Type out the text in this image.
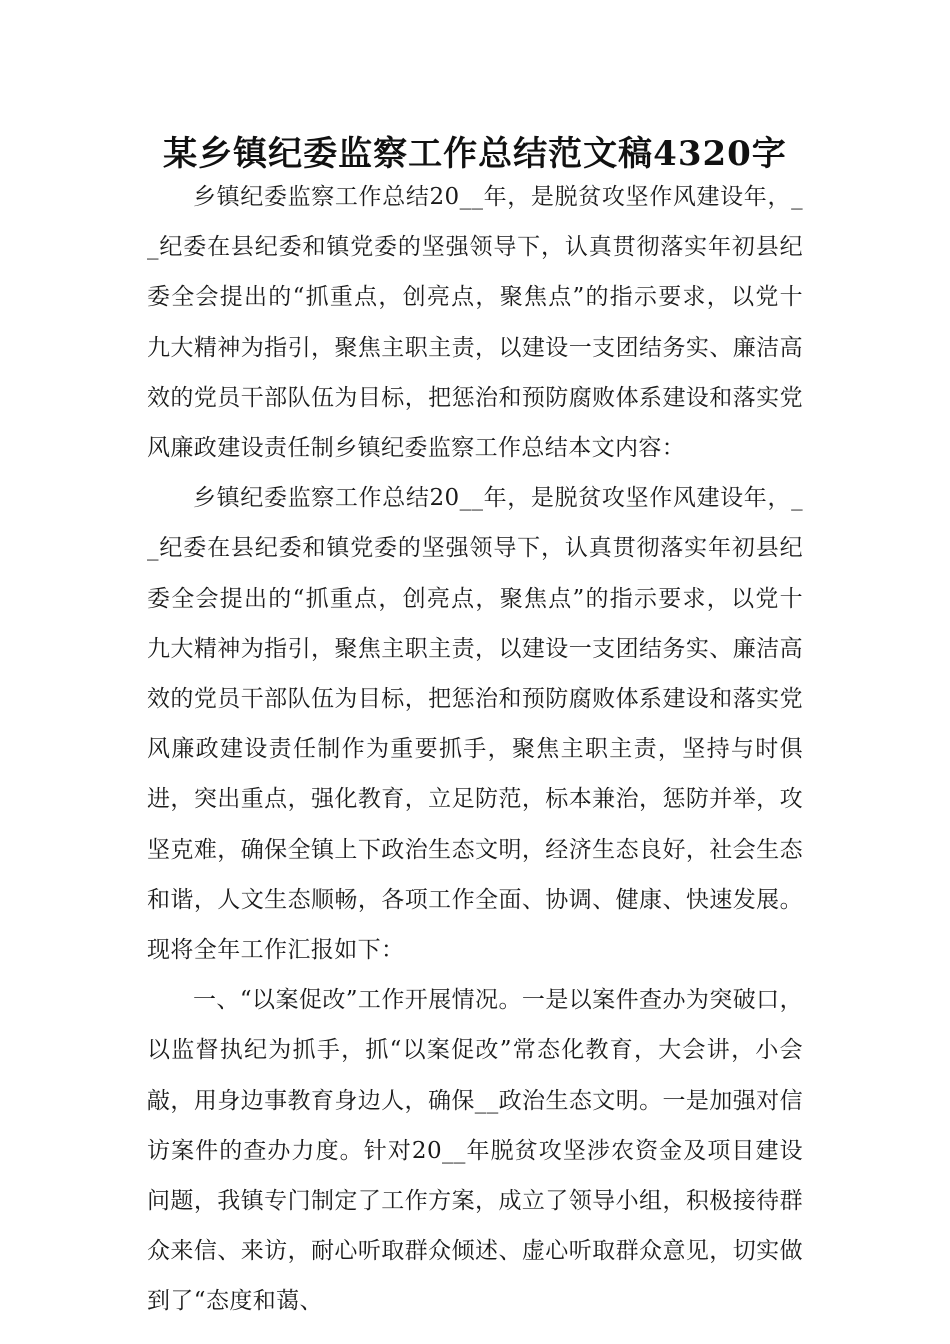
某乡镇纪委监察工作总结范文稿4320字

乡镇纪委监察工作总结20__年，是脱贫攻坚作风建设年，__纪委在县纪委和镇党委的坚强领导下，认真贯彻落实年初县纪委全会提出的“抓重点，创亮点，聚焦点”的指示要求，以党十九大精神为指引，聚焦主职主责，以建设一支团结务实、廉洁高效的党员干部队伍为目标，把惩治和预防腐败体系建设和落实党风廉政建设责任制乡镇纪委监察工作总结本文内容：

乡镇纪委监察工作总结20__年，是脱贫攻坚作风建设年，__纪委在县纪委和镇党委的坚强领导下，认真贯彻落实年初县纪委全会提出的“抓重点，创亮点，聚焦点”的指示要求，以党十九大精神为指引，聚焦主职主责，以建设一支团结务实、廉洁高效的党员干部队伍为目标，把惩治和预防腐败体系建设和落实党风廉政建设责任制作为重要抓手，聚焦主职主责，坚持与时俱进，突出重点，强化教育，立足防范，标本兼治，惩防并举，攻坚克难，确保全镇上下政治生态文明，经济生态良好，社会生态和谐，人文生态顺畅，各项工作全面、协调、健康、快速发展。现将全年工作汇报如下：

一、“以案促改”工作开展情况。一是以案件查办为突破口，以监督执纪为抓手，抓“以案促改”常态化教育，大会讲，小会敲，用身边事教育身边人，确保__政治生态文明。一是加强对信访案件的查办力度。针对20__年脱贫攻坚涉农资金及项目建设问题，我镇专门制定了工作方案，成立了领导小组，积极接待群众来信、来访，耐心听取群众倾述、虚心听取群众意见，切实做到了“态度和蔼、
